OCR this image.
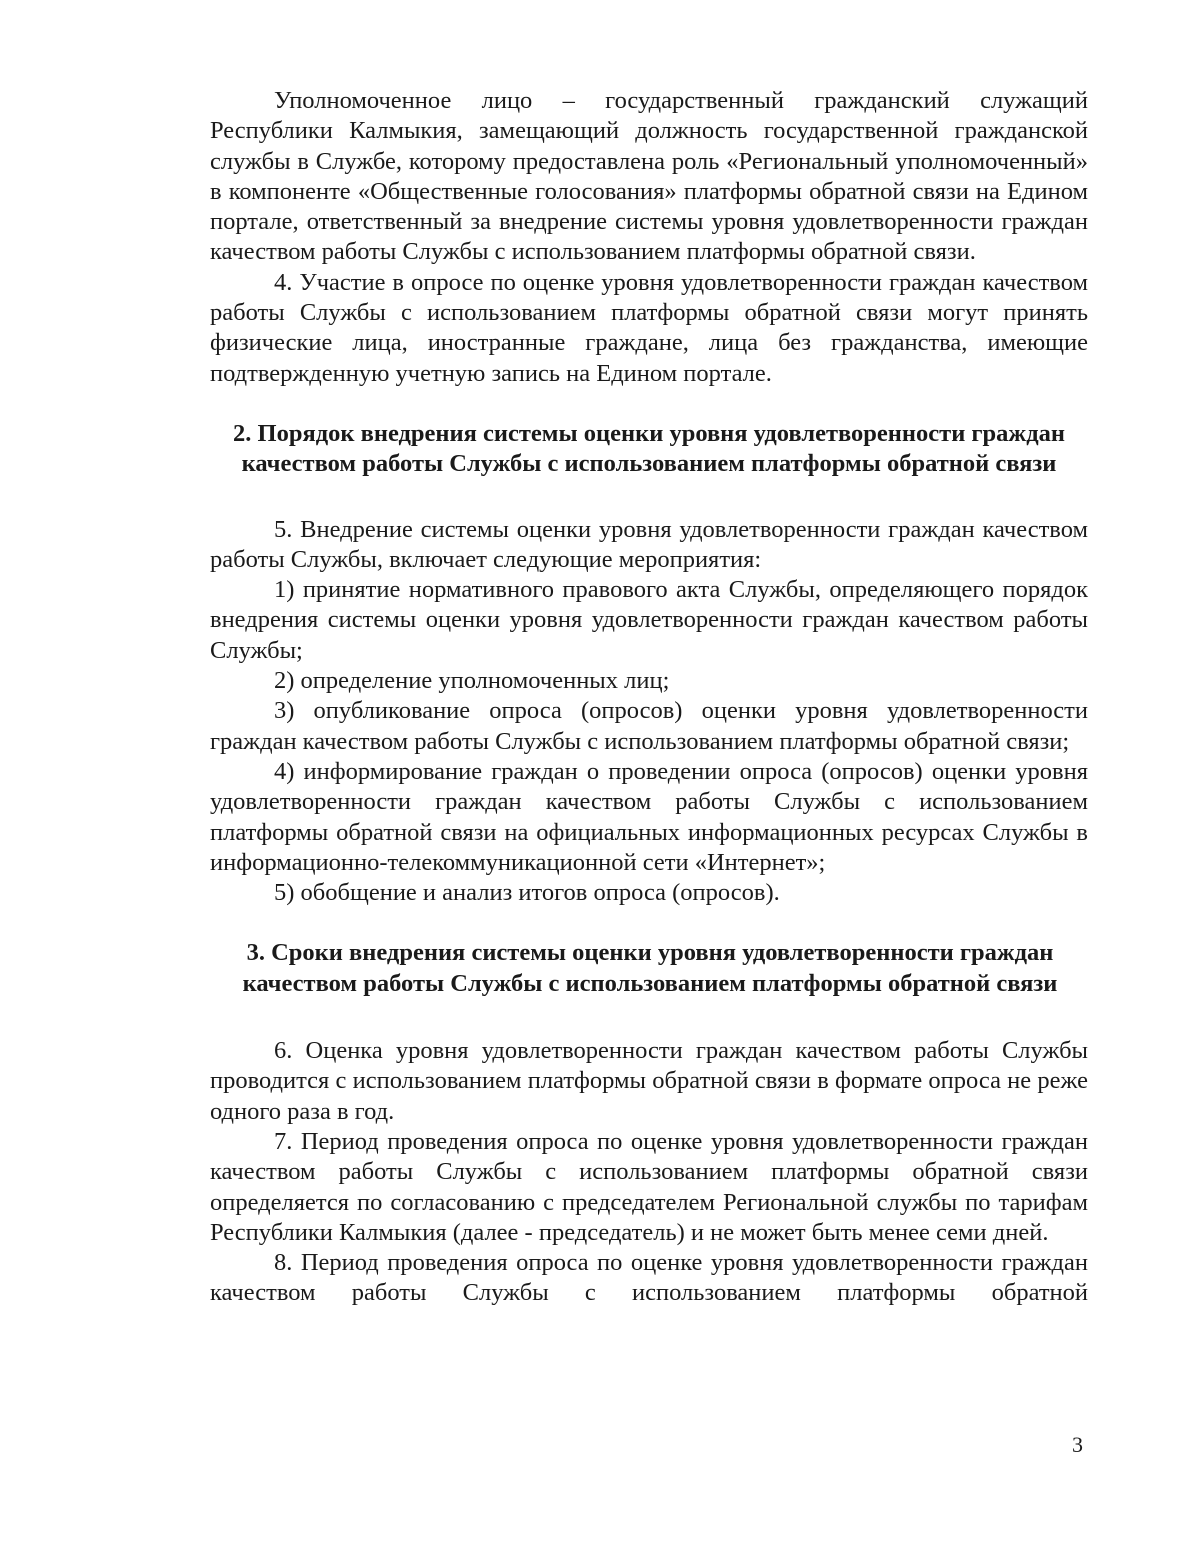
Уполномоченное лицо – государственный гражданский служащий Республики Калмыкия, замещающий должность государственной гражданской службы в Службе, которому предоставлена роль «Региональный уполномоченный» в компоненте «Общественные голосования» платформы обратной связи на Едином портале, ответственный за внедрение системы уровня удовлетворенности граждан качеством работы Службы с использованием платформы обратной связи.

4. Участие в опросе по оценке уровня удовлетворенности граждан качеством работы Службы с использованием платформы обратной связи могут принять физические лица, иностранные граждане, лица без гражданства, имеющие подтвержденную учетную запись на Едином портале.

2. Порядок внедрения системы оценки уровня удовлетворенности граждан качеством работы Службы с использованием платформы обратной связи

5. Внедрение системы оценки уровня удовлетворенности граждан качеством работы Службы, включает следующие мероприятия:

1) принятие нормативного правового акта Службы, определяющего порядок внедрения системы оценки уровня удовлетворенности граждан качеством работы Службы;

2) определение уполномоченных лиц;

3) опубликование опроса (опросов) оценки уровня удовлетворенности граждан качеством работы Службы с использованием платформы обратной связи;

4) информирование граждан о проведении опроса (опросов) оценки уровня удовлетворенности граждан качеством работы Службы с использованием платформы обратной связи на официальных информационных ресурсах Службы в информационно-телекоммуникационной сети «Интернет»;

5) обобщение и анализ итогов опроса (опросов).

3. Сроки внедрения системы оценки уровня удовлетворенности граждан качеством работы Службы с использованием платформы обратной связи

6. Оценка уровня удовлетворенности граждан качеством работы Службы проводится с использованием платформы обратной связи в формате опроса не реже одного раза в год.

7. Период проведения опроса по оценке уровня удовлетворенности граждан качеством работы Службы с использованием платформы обратной связи определяется по согласованию с председателем Региональной службы по тарифам Республики Калмыкия (далее - председатель) и не может быть менее семи дней.

8. Период проведения опроса по оценке уровня удовлетворенности граждан качеством работы Службы с использованием платформы обратной

3
